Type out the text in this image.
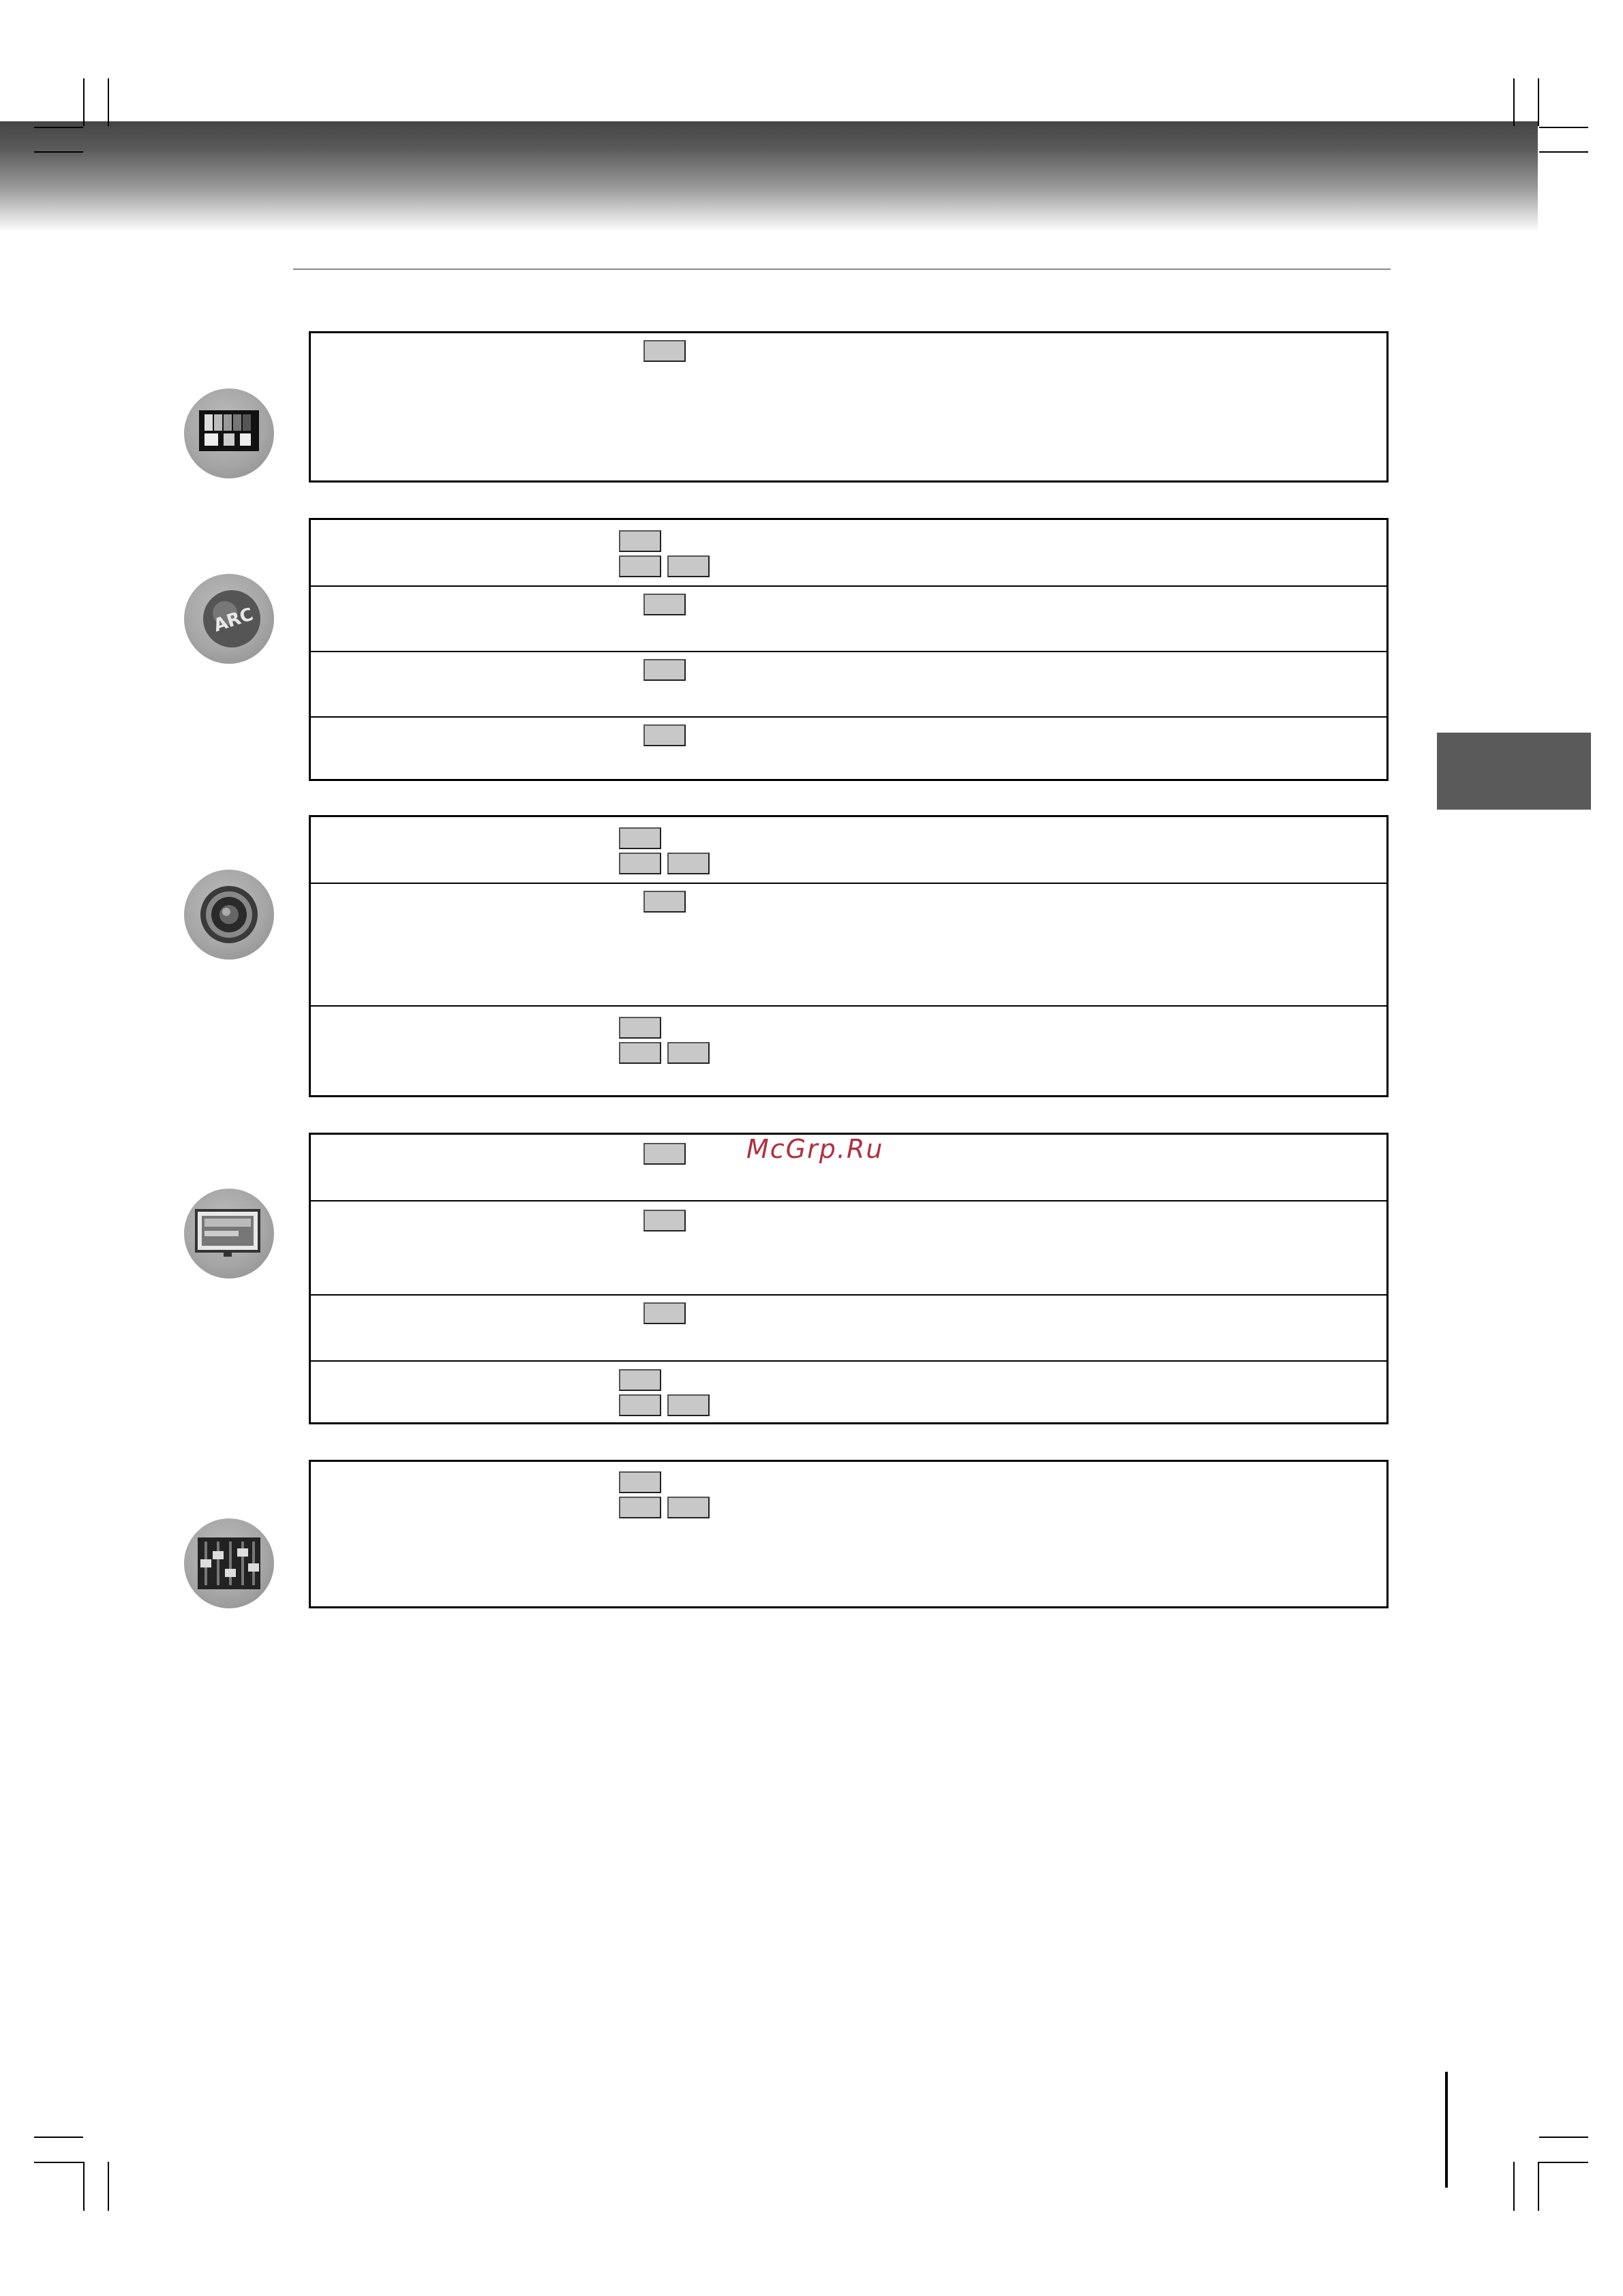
McGrp.Ru
ARC
